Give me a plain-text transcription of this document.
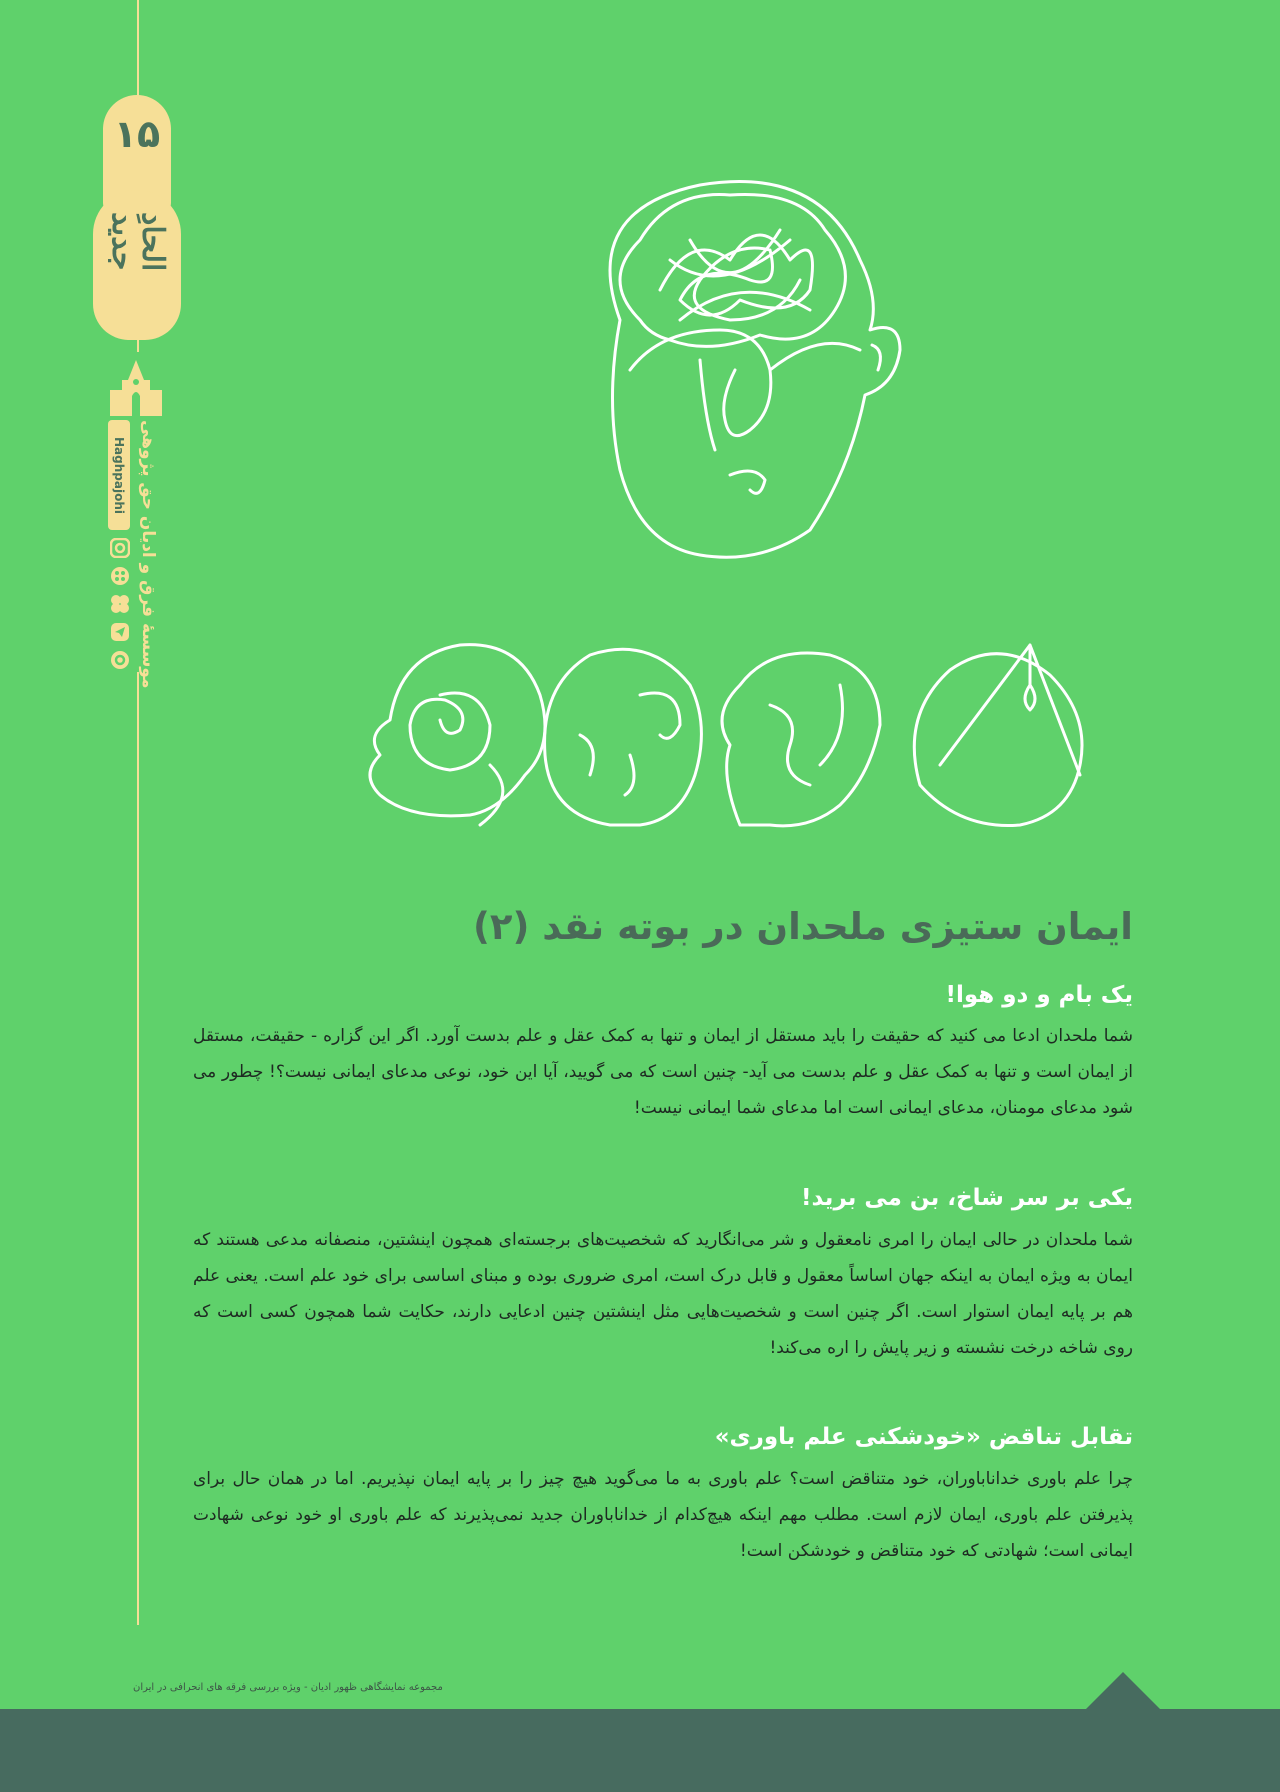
۱۵
الحادِ جدید
Haghpajohi موسسهٔ فرق و ادیان حق پژوهی
ایمان ستیزی ملحدان در بوته نقد (۲)
یک بام و دو هوا!

شما ملحدان ادعا می کنید که حقیقت را باید مستقل از ایمان و تنها به کمک عقل و علم بدست آورد. اگر این گزاره - حقیقت، مستقل از ایمان است و تنها به کمک عقل و علم بدست می آید- چنین است که می گویید، آیا این خود، نوعی مدعای ایمانی نیست؟! چطور می شود مدعای مومنان، مدعای ایمانی است اما مدعای شما ایمانی نیست!

یکی بر سر شاخ، بن می برید!

شما ملحدان در حالی ایمان را امری نامعقول و شر می‌انگارید که شخصیت‌های برجسته‌ای همچون اینشتین، منصفانه مدعی هستند که ایمان به ویژه ایمان به اینکه جهان اساساً معقول و قابل درک است، امری ضروری بوده و مبنای اساسی برای خود علم است. یعنی علم هم بر پایه ایمان استوار است. اگر چنین است و شخصیت‌هایی مثل اینشتین چنین ادعایی دارند، حکایت شما همچون کسی است که روی شاخه درخت نشسته و زیر پایش را اره می‌کند!

تقابل تناقض «خودشکنی علم باوری»

چرا علم باوری خداناباوران، خود متناقض است؟ علم باوری به ما می‌گوید هیچ چیز را بر پایه ایمان نپذیریم. اما در همان حال برای پذیرفتن علم باوری، ایمان لازم است. مطلب مهم اینکه هیچ‌کدام از خداناباوران جدید نمی‌پذیرند که علم باوری او خود نوعی شهادت ایمانی است؛ شهادتی که خود متناقض و خودشکن است!

مجموعه نمایشگاهی ظهور ادیان - ویژه بررسی فرقه های انحرافی در ایران
